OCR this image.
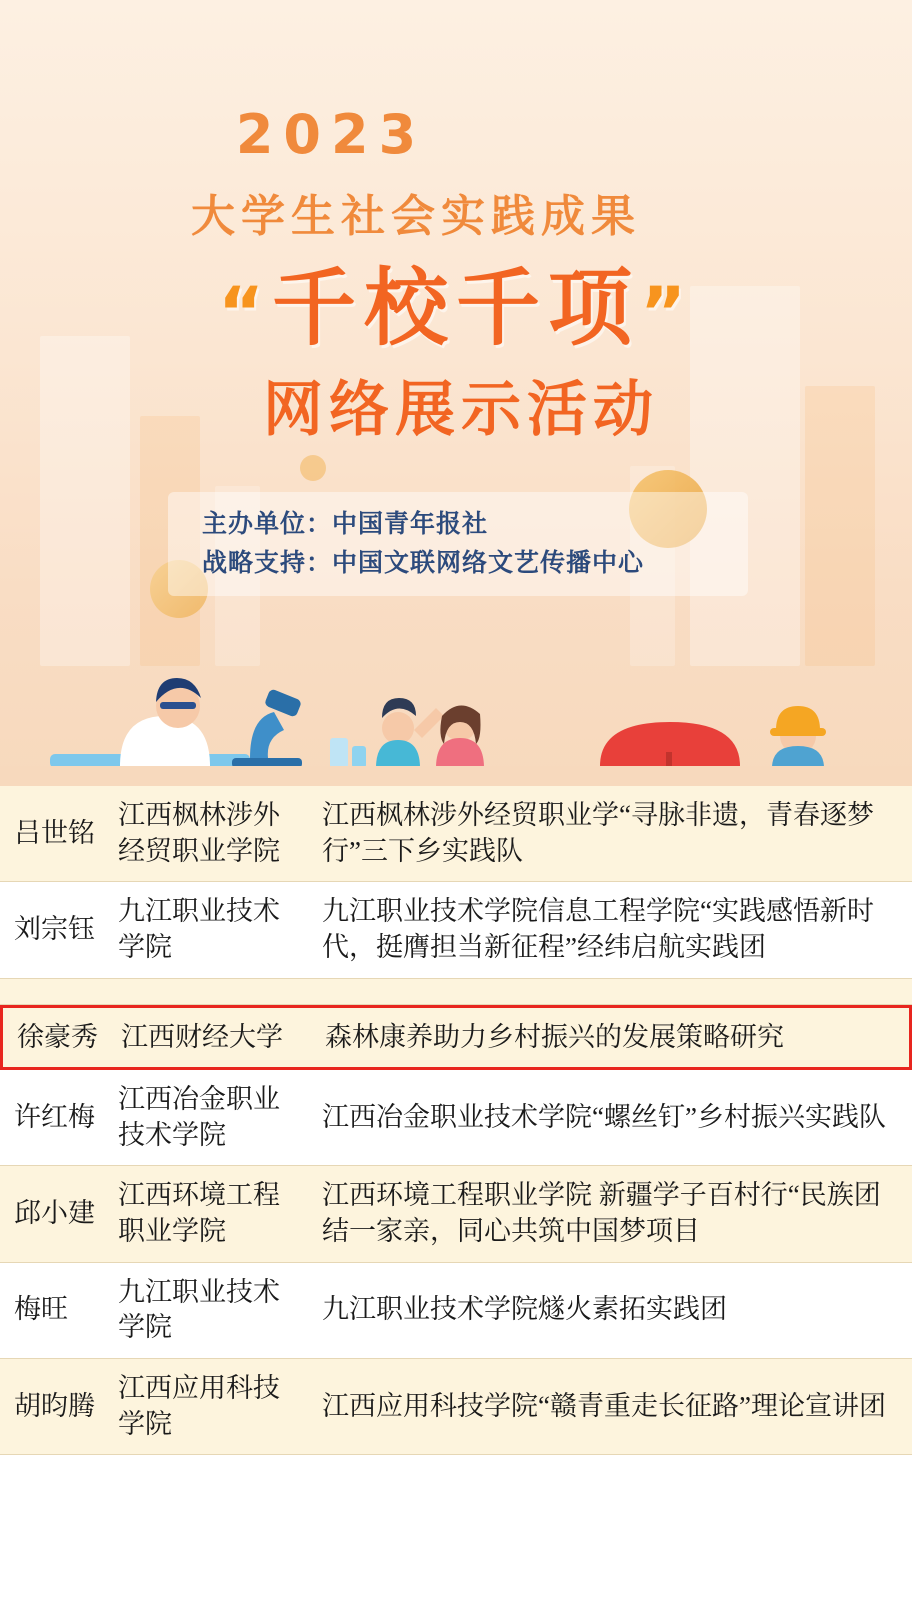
2023
大学生社会实践成果
“千校千项”
网络展示活动
主办单位：中国青年报社
战略支持：中国文联网络文艺传播中心
吕世铭
江西枫林涉外经贸职业学院
江西枫林涉外经贸职业学“寻脉非遗，青春逐梦行”三下乡实践队
刘宗钰
九江职业技术学院
九江职业技术学院信息工程学院“实践感悟新时代，挺膺担当新征程”经纬启航实践团
徐豪秀 江西财经大学	森林康养助力乡村振兴的发展策略研究
许红梅
江西冶金职业技术学院
江西冶金职业技术学院“螺丝钉”乡村振兴实践队
邱小建
江西环境工程职业学院
江西环境工程职业学院 新疆学子百村行“民族团结一家亲，同心共筑中国梦项目
梅旺
九江职业技术学院
九江职业技术学院燧火素拓实践团
胡昀腾
江西应用科技学院
江西应用科技学院“赣青重走长征路”理论宣讲团
